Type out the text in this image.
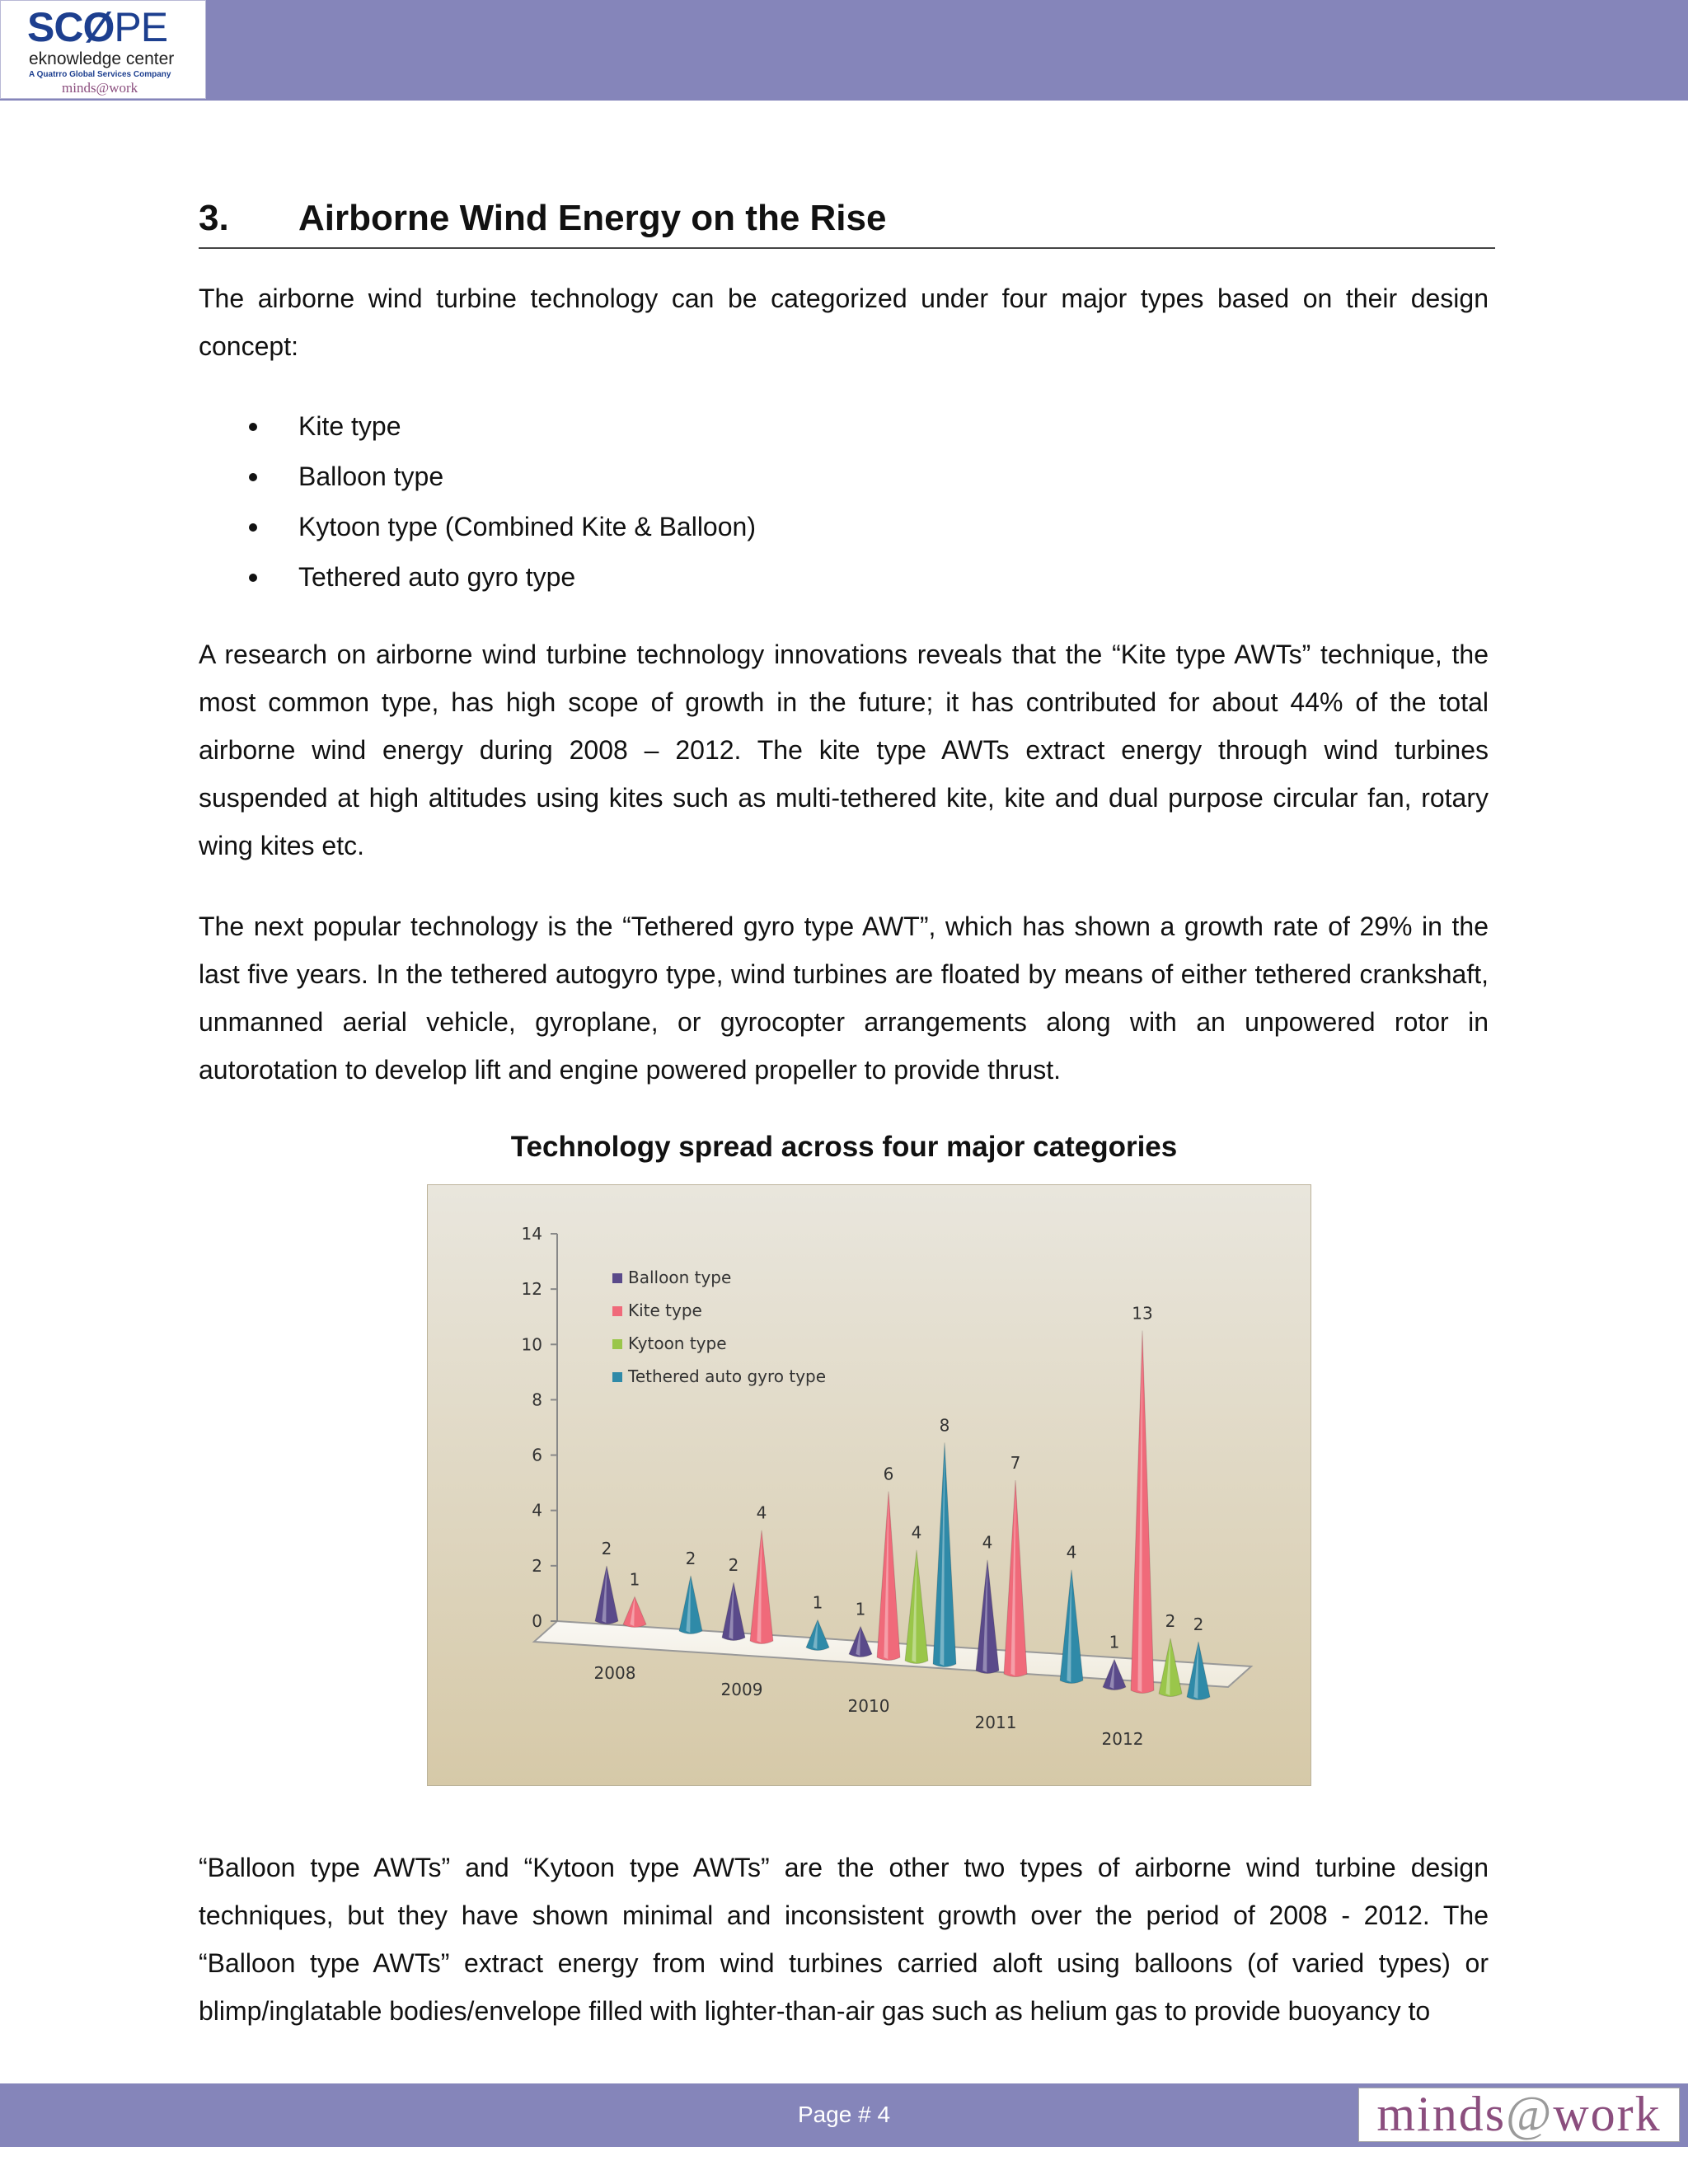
SCØPE
eknowledge center
A Quatrro Global Services Company
minds@work
3. Airborne Wind Energy on the Rise

The airborne wind turbine technology can be categorized under four major types based on their design concept:

Kite type
Balloon type
Kytoon type (Combined Kite & Balloon)
Tethered auto gyro type

A research on airborne wind turbine technology innovations reveals that the “Kite type AWTs” technique, the most common type, has high scope of growth in the future; it has contributed for about 44% of the total airborne wind energy during 2008 – 2012. The kite type AWTs extract energy through wind turbines suspended at high altitudes using kites such as multi-tethered kite, kite and dual purpose circular fan, rotary wing kites etc.

The next popular technology is the “Tethered gyro type AWT”, which has shown a growth rate of 29% in the last five years. In the tethered autogyro type, wind turbines are floated by means of either tethered crankshaft, unmanned aerial vehicle, gyroplane, or gyrocopter arrangements along with an unpowered rotor in autorotation to develop lift and engine powered propeller to provide thrust.

Technology spread across four major categories
0
2
4
6
8
10
12
14
2
1
2 2
4
1 1
6
4
8
4
7
4
1
13
2 2
2008
2009
2010
2011
2012
Balloon type
Kite type
Kytoon type
Tethered auto gyro type

“Balloon type AWTs” and “Kytoon type AWTs” are the other two types of airborne wind turbine design techniques, but they have shown minimal and inconsistent growth over the period of 2008 - 2012. The “Balloon type AWTs” extract energy from wind turbines carried aloft using balloons (of varied types) or blimp/inglatable bodies/envelope filled with lighter-than-air gas such as helium gas to provide buoyancy to

Page # 4	minds@work
